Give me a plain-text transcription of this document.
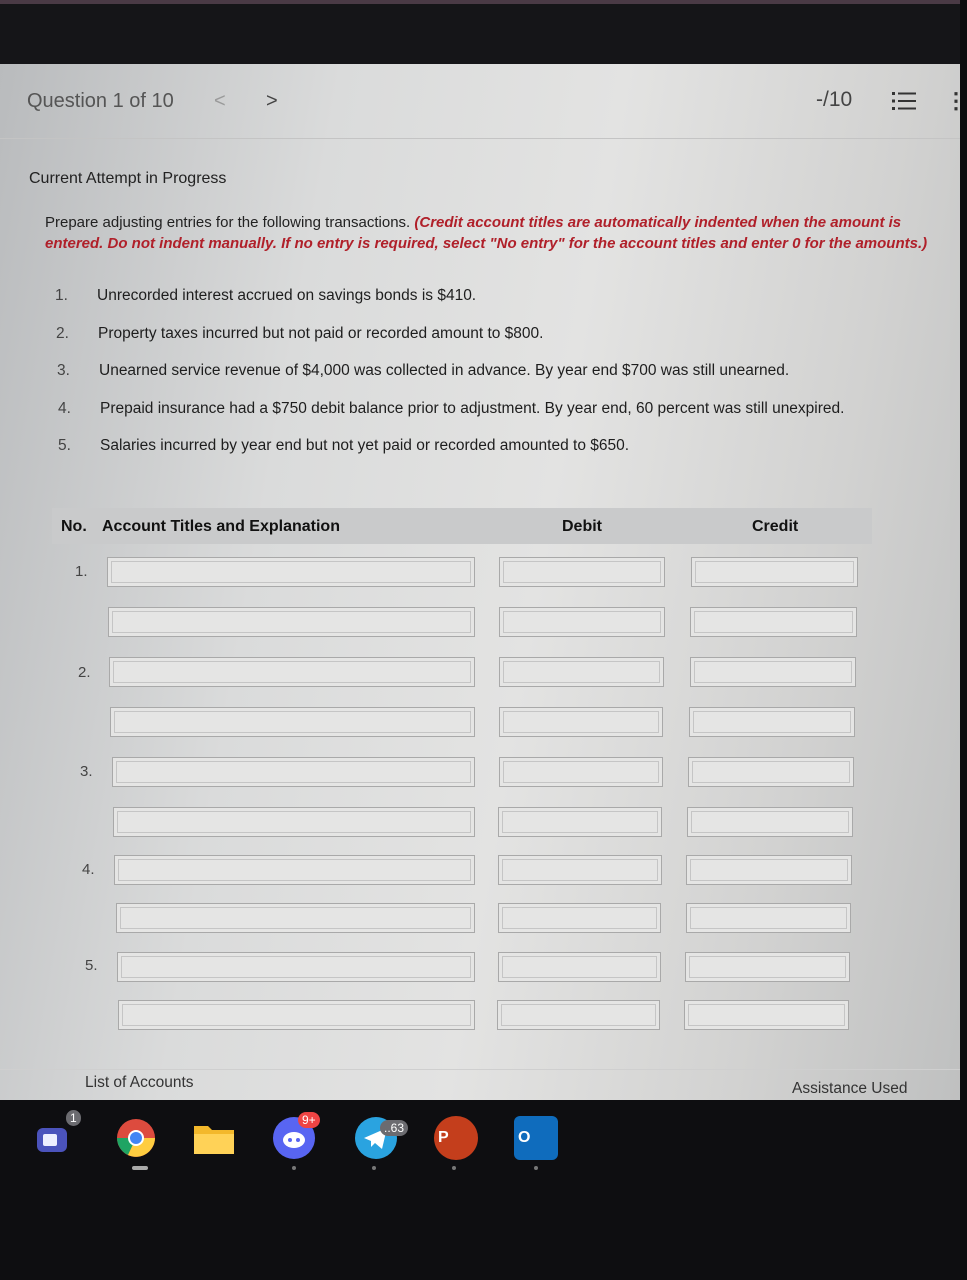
Question 1 of 10 < >	-/10	⋮
Current Attempt in Progress
Prepare adjusting entries for the following transactions. (Credit account titles are automatically indented when the amount is entered. Do not indent manually. If no entry is required, select "No entry" for the account titles and enter 0 for the amounts.)
1. Unrecorded interest accrued on savings bonds is $410.
2. Property taxes incurred but not paid or recorded amount to $800.
3. Unearned service revenue of $4,000 was collected in advance. By year end $700 was still unearned.
4. Prepaid insurance had a $750 debit balance prior to adjustment. By year end, 60 percent was still unexpired.
5. Salaries incurred by year end but not yet paid or recorded amounted to $650.
No. Account Titles and Explanation	Debit	Credit
1.
2.
3.
4.
5.
List of Accounts	Assistance Used
1	9+
..63
P	O
